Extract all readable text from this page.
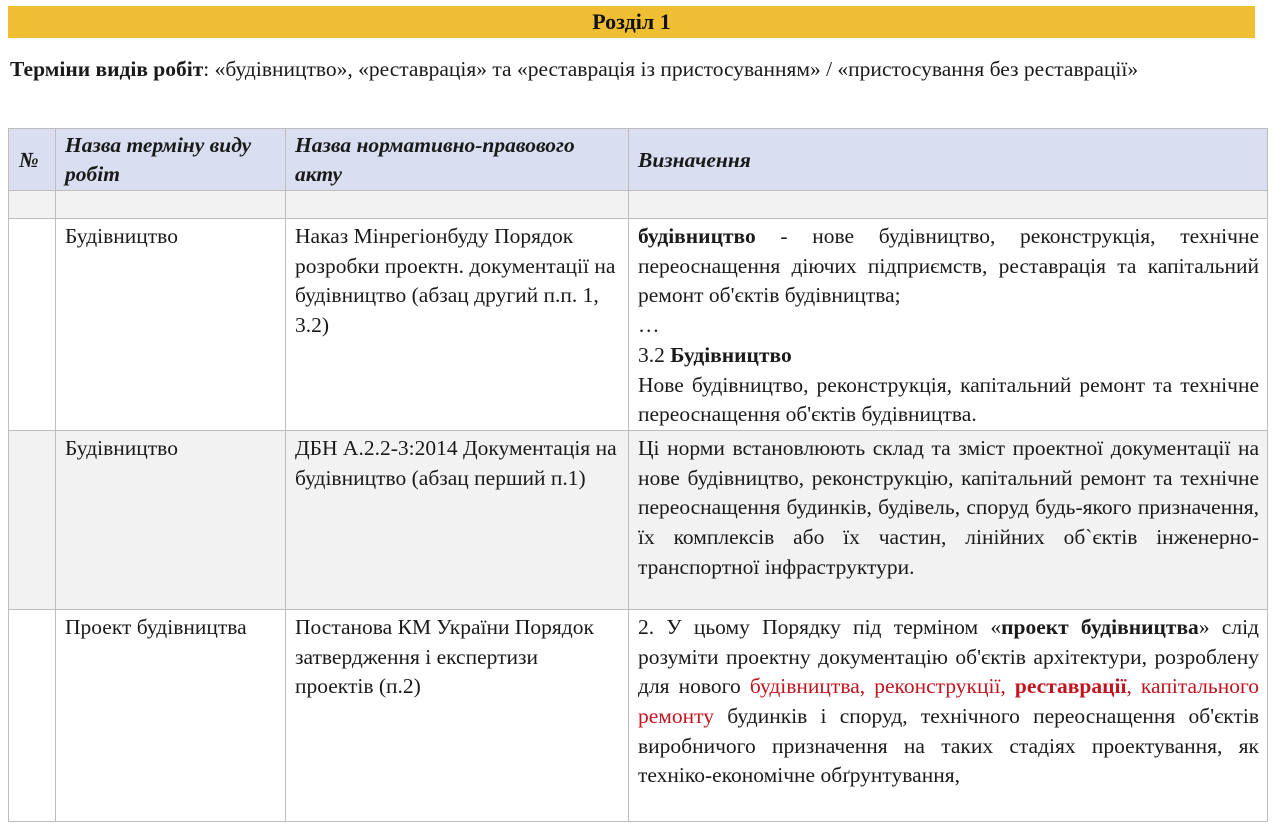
Розділ 1
Терміни видів робіт: «будівництво», «реставрація» та «реставрація із пристосуванням» / «пристосування без реставрації»
№	Назва терміну виду робіт	Назва нормативно-правового акту	Визначення

	Будівництво	Наказ Мінрегіонбуду Порядок розробки проектн. документації на будівництво (абзац другий п.п. 1, 3.2)	будівництво - нове будівництво, реконструкція, технічне переоснащення діючих підприємств, реставрація та капітальний ремонт об'єктів будівництва;
…
3.2 Будівництво
Нове будівництво, реконструкція, капітальний ремонт та технічне переоснащення об'єктів будівництва.

	Будівництво	ДБН А.2.2-3:2014 Документація на будівництво (абзац перший п.1)	Ці норми встановлюють склад та зміст проектної документації на нове будівництво, реконструкцію, капітальний ремонт та технічне переоснащення будинків, будівель, споруд будь-якого призначення, їх комплексів або їх частин, лінійних об`єктів інженерно-транспортної інфраструктури.

	Проект будівництва	Постанова КМ України Порядок затвердження і експертизи проектів (п.2)	2. У цьому Порядку під терміном «проект будівництва» слід розуміти проектну документацію об'єктів архітектури, розроблену для нового будівництва, реконструкції, реставрації, капітального ремонту будинків і споруд, технічного переоснащення об'єктів виробничого призначення на таких стадіях проектування, як техніко-економічне обґрунтування,
